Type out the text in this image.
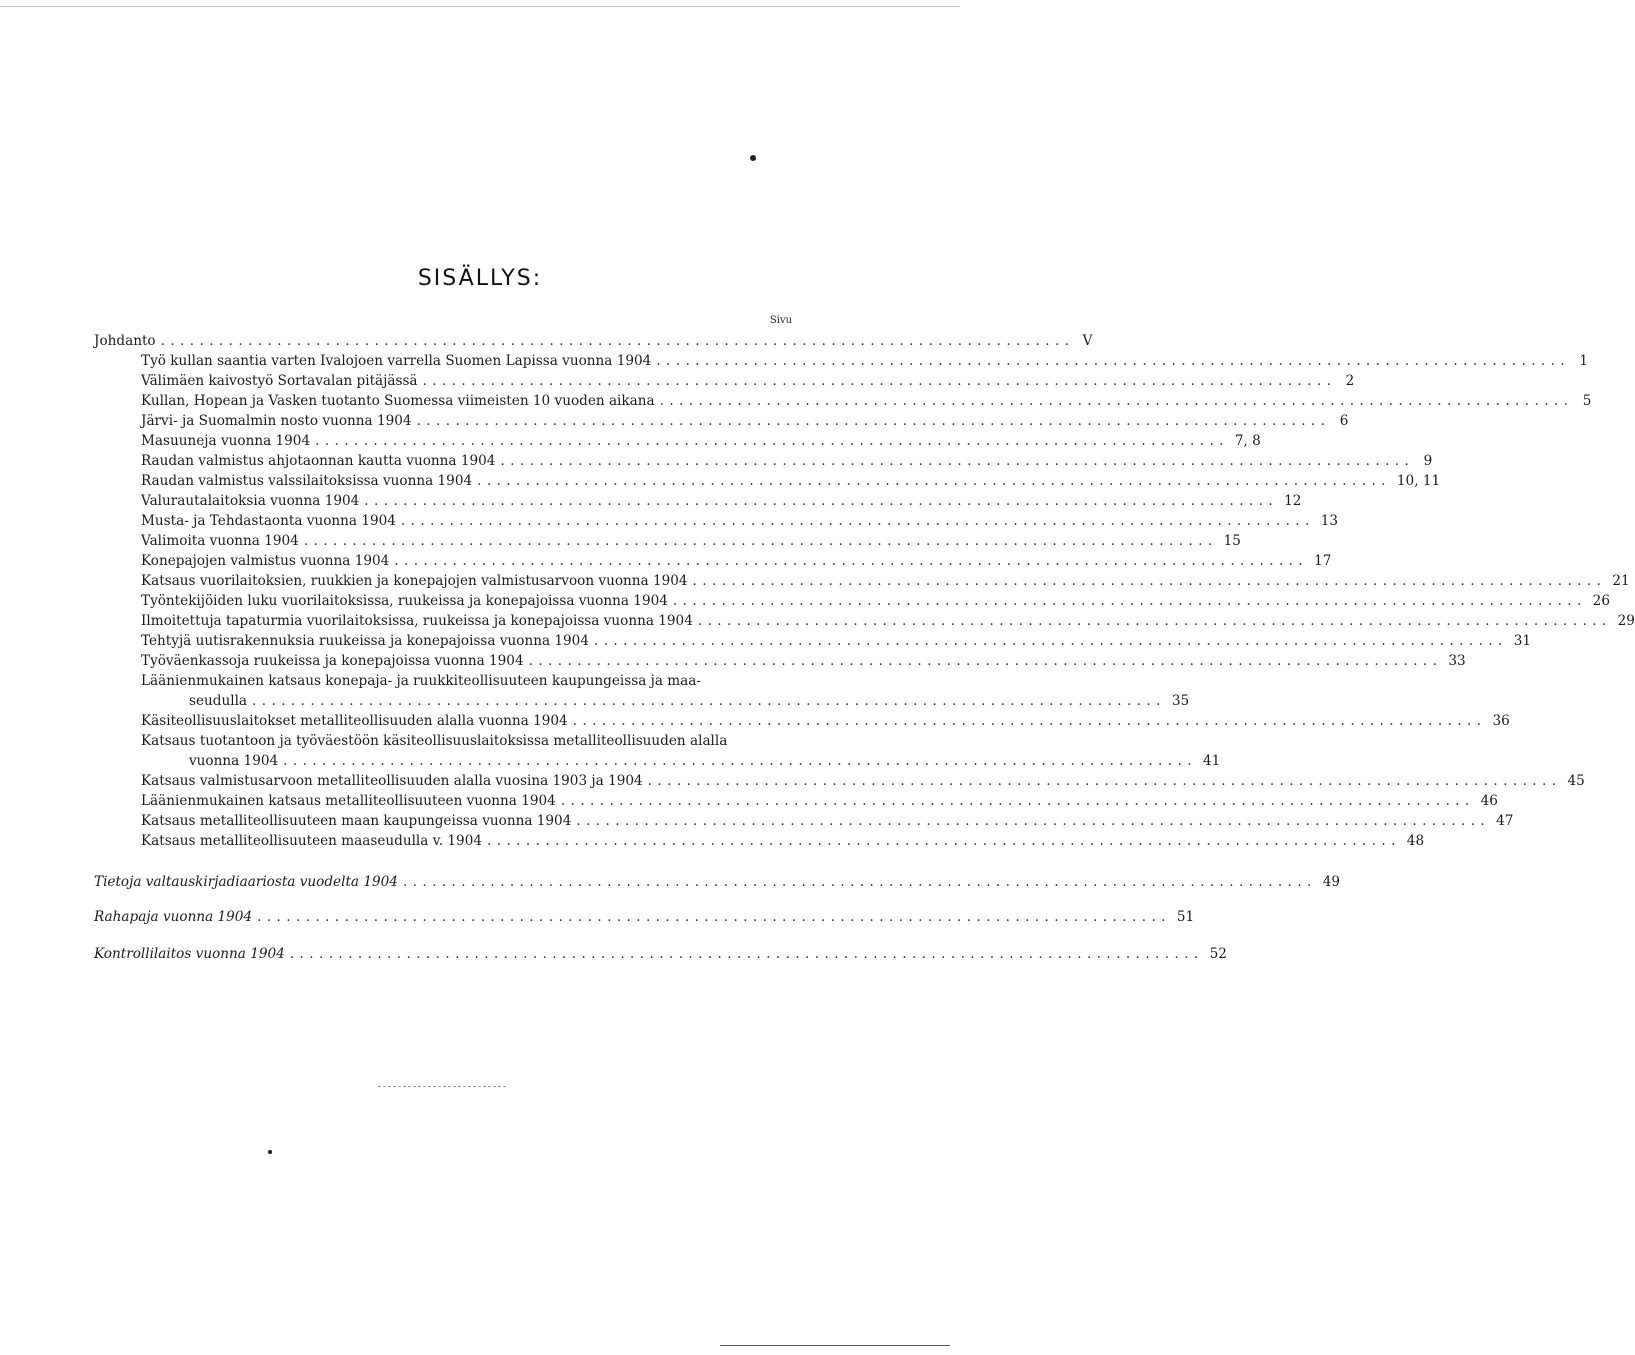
SISÄLLYS:
Sivu
Johdanto .............................................................................................. V
Työ kullan saantia varten Ivalojoen varrella Suomen Lapissa vuonna 1904 .............................................................................................. 1
Välimäen kaivostyö Sortavalan pitäjässä .............................................................................................. 2
Kullan, Hopean ja Vasken tuotanto Suomessa viimeisten 10 vuoden aikana .............................................................................................. 5
Järvi- ja Suomalmin nosto vuonna 1904 .............................................................................................. 6
Masuuneja vuonna 1904 .............................................................................................. 7, 8
Raudan valmistus ahjotaonnan kautta vuonna 1904 .............................................................................................. 9
Raudan valmistus valssilaitoksissa vuonna 1904 .............................................................................................. 10, 11
Valurautalaitoksia vuonna 1904 .............................................................................................. 12
Musta- ja Tehdastaonta vuonna 1904 .............................................................................................. 13
Valimoita vuonna 1904 .............................................................................................. 15
Konepajojen valmistus vuonna 1904 .............................................................................................. 17
Katsaus vuorilaitoksien, ruukkien ja konepajojen valmistusarvoon vuonna 1904 .............................................................................................. 21
Työntekijöiden luku vuorilaitoksissa, ruukeissa ja konepajoissa vuonna 1904 .............................................................................................. 26
Ilmoitettuja tapaturmia vuorilaitoksissa, ruukeissa ja konepajoissa vuonna 1904 .............................................................................................. 29
Tehtyjä uutisrakennuksia ruukeissa ja konepajoissa vuonna 1904 .............................................................................................. 31
Työväenkassoja ruukeissa ja konepajoissa vuonna 1904 .............................................................................................. 33
Läänienmukainen katsaus konepaja- ja ruukkiteollisuuteen kaupungeissa ja maa-
seudulla .............................................................................................. 35
Käsiteollisuuslaitokset metalliteollisuuden alalla vuonna 1904 .............................................................................................. 36
Katsaus tuotantoon ja työväestöön käsiteollisuuslaitoksissa metalliteollisuuden alalla
vuonna 1904 .............................................................................................. 41
Katsaus valmistusarvoon metalliteollisuuden alalla vuosina 1903 ja 1904 .............................................................................................. 45
Läänienmukainen katsaus metalliteollisuuteen vuonna 1904 .............................................................................................. 46
Katsaus metalliteollisuuteen maan kaupungeissa vuonna 1904 .............................................................................................. 47
Katsaus metalliteollisuuteen maaseudulla v. 1904 .............................................................................................. 48
Tietoja valtauskirjadiaariosta vuodelta 1904 .............................................................................................. 49
Rahapaja vuonna 1904 .............................................................................................. 51
Kontrollilaitos vuonna 1904 .............................................................................................. 52
